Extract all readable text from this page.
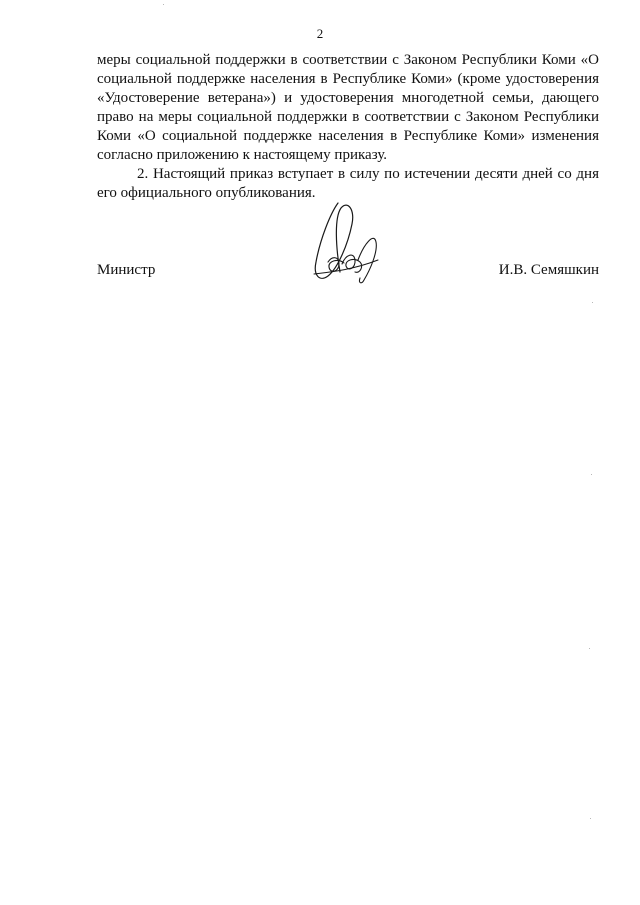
2

меры социальной поддержки в соответствии с Законом Республики Коми «О социальной поддержке населения в Республике Коми» (кроме удостоверения «Удостоверение ветерана») и удостоверения многодетной семьи, дающего право на меры социальной поддержки в соответствии с Законом Республики Коми «О социальной поддержке населения в Республике Коми» изменения согласно приложению к настоящему приказу.

2. Настоящий приказ вступает в силу по истечении десяти дней со дня его официального опубликования.

Министр	И.В. Семяшкин
